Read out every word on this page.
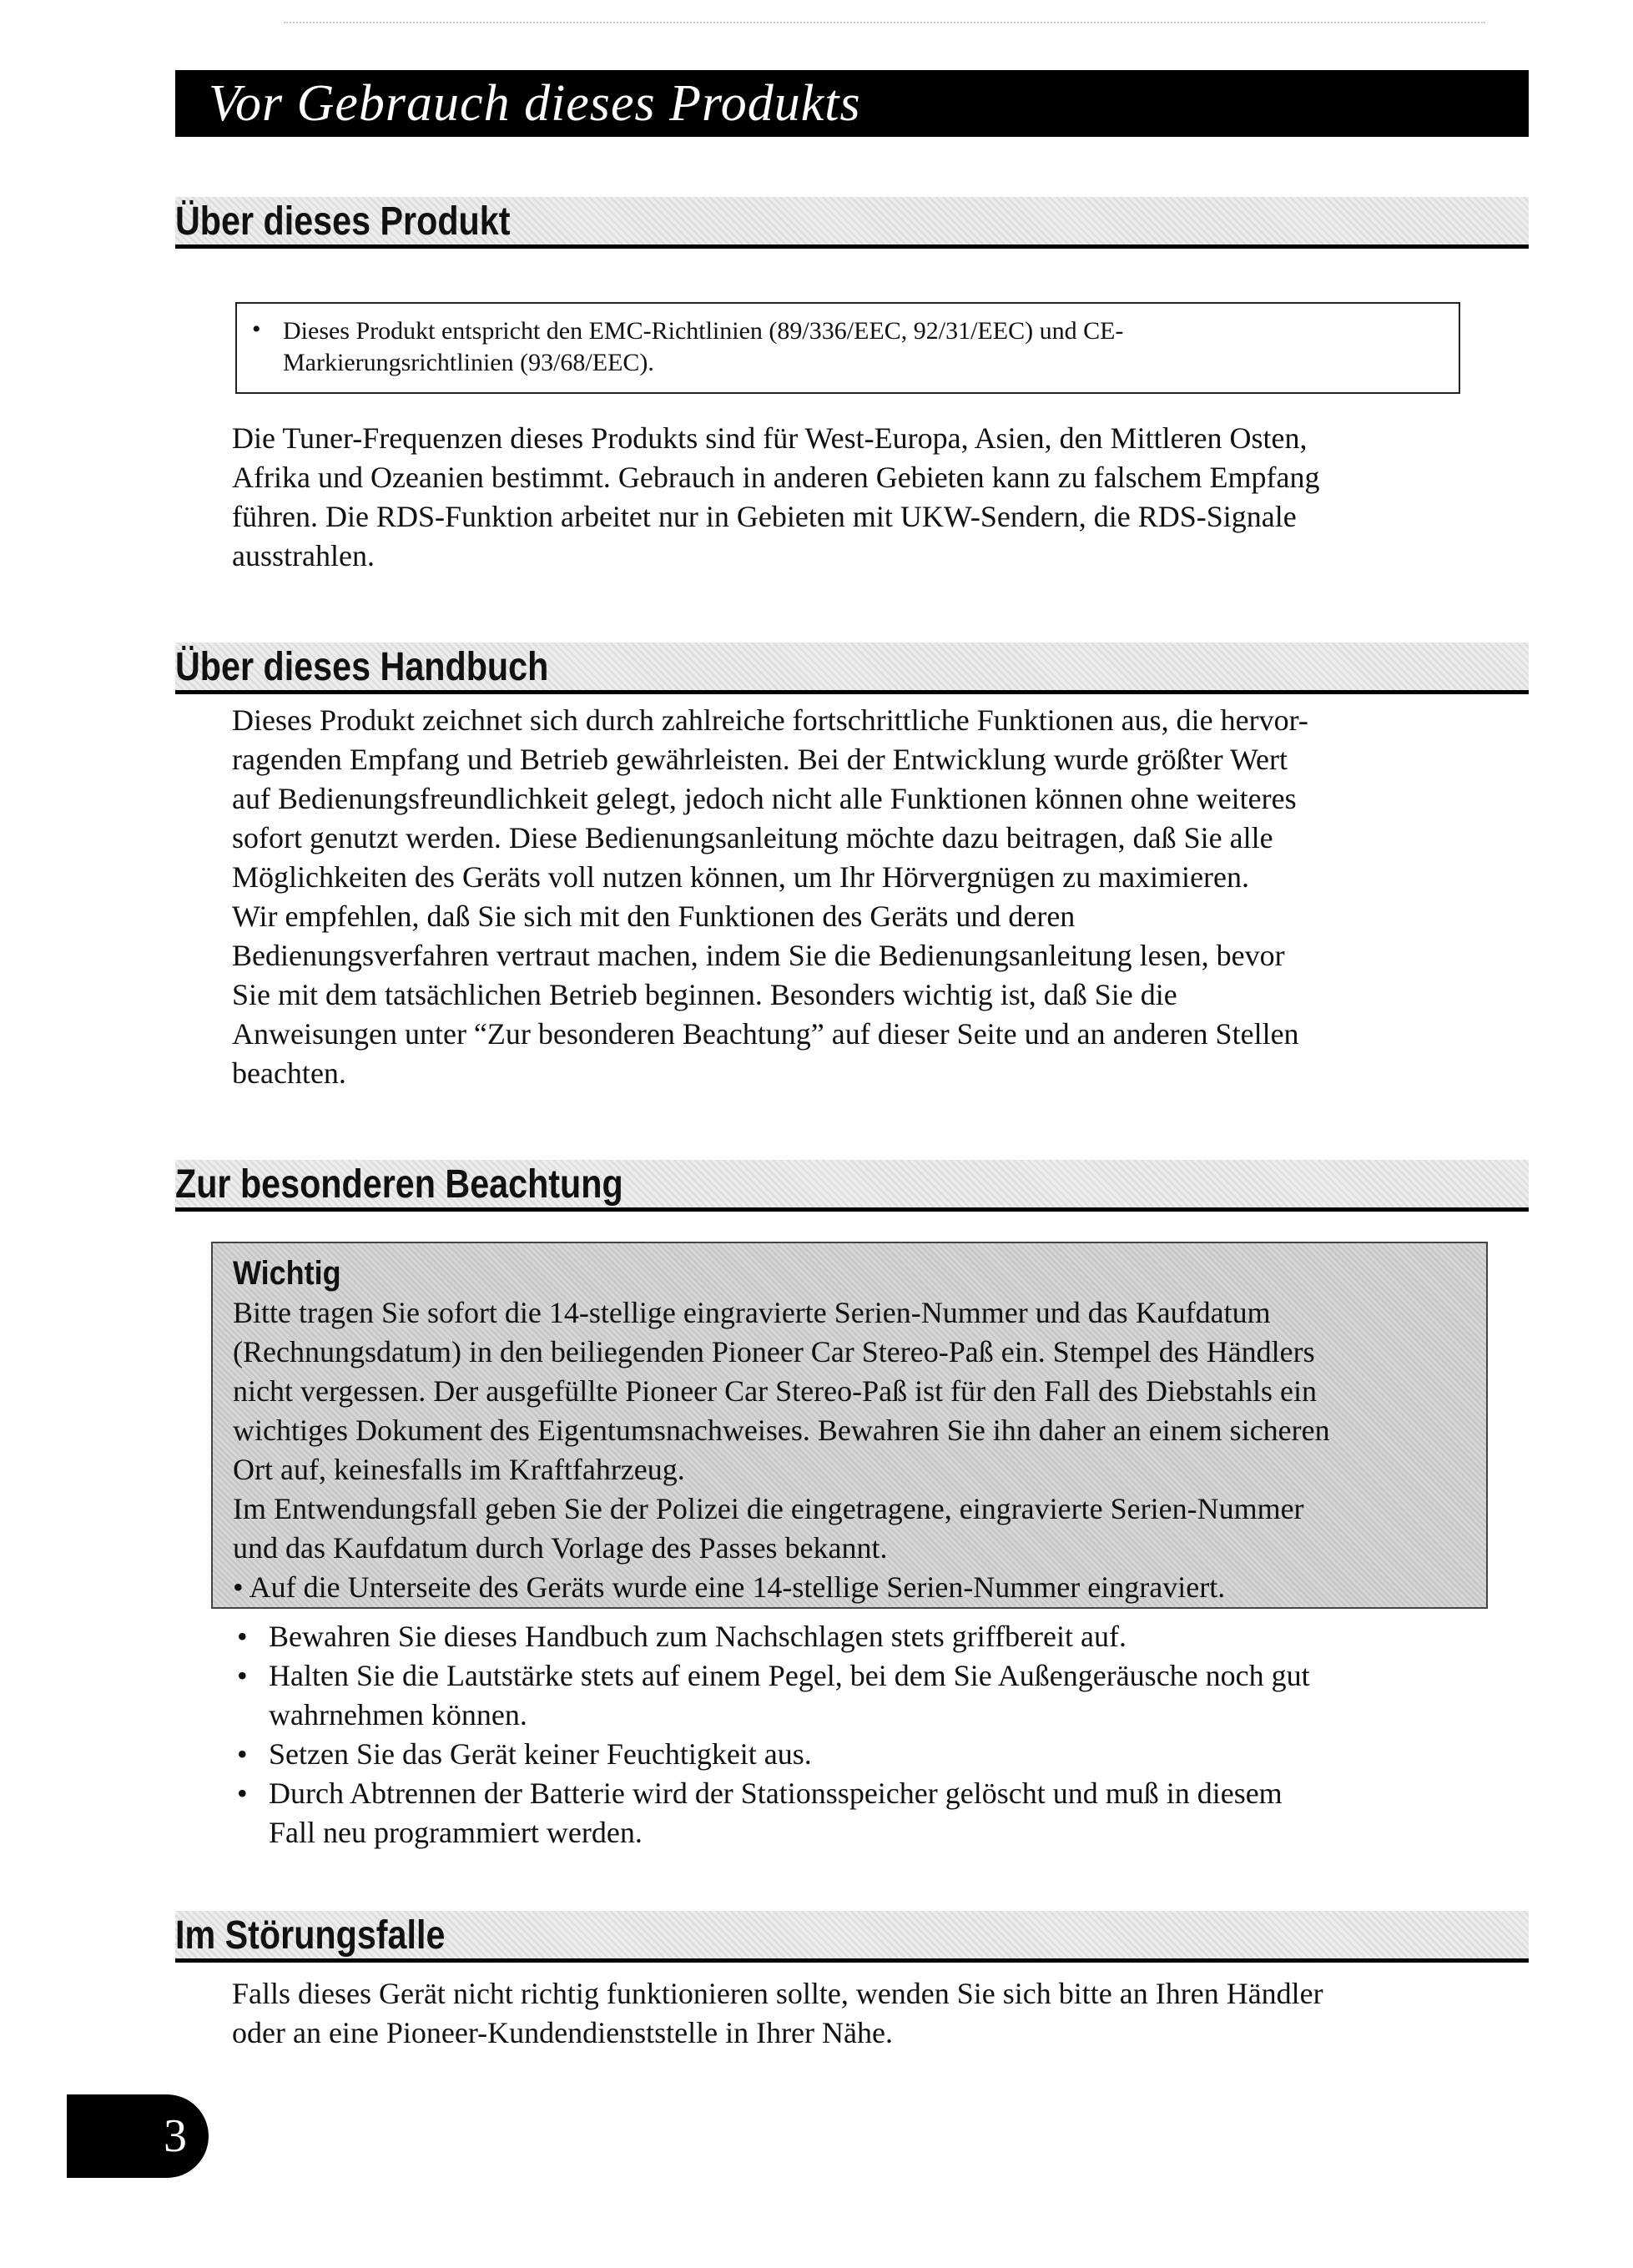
Vor Gebrauch dieses Produkts
Über dieses Produkt
• Dieses Produkt entspricht den EMC-Richtlinien (89/336/EEC, 92/31/EEC) und CE-
Markierungsrichtlinien (93/68/EEC).

Die Tuner-Frequenzen dieses Produkts sind für West-Europa, Asien, den Mittleren Osten,
Afrika und Ozeanien bestimmt. Gebrauch in anderen Gebieten kann zu falschem Empfang
führen. Die RDS-Funktion arbeitet nur in Gebieten mit UKW-Sendern, die RDS-Signale
ausstrahlen.

Über dieses Handbuch

Dieses Produkt zeichnet sich durch zahlreiche fortschrittliche Funktionen aus, die hervor-
ragenden Empfang und Betrieb gewährleisten. Bei der Entwicklung wurde größter Wert
auf Bedienungsfreundlichkeit gelegt, jedoch nicht alle Funktionen können ohne weiteres
sofort genutzt werden. Diese Bedienungsanleitung möchte dazu beitragen, daß Sie alle
Möglichkeiten des Geräts voll nutzen können, um Ihr Hörvergnügen zu maximieren.
Wir empfehlen, daß Sie sich mit den Funktionen des Geräts und deren
Bedienungsverfahren vertraut machen, indem Sie die Bedienungsanleitung lesen, bevor
Sie mit dem tatsächlichen Betrieb beginnen. Besonders wichtig ist, daß Sie die
Anweisungen unter “Zur besonderen Beachtung” auf dieser Seite und an anderen Stellen
beachten.

Zur besonderen Beachtung
Wichtig
Bitte tragen Sie sofort die 14-stellige eingravierte Serien-Nummer und das Kaufdatum
(Rechnungsdatum) in den beiliegenden Pioneer Car Stereo-Paß ein. Stempel des Händlers
nicht vergessen. Der ausgefüllte Pioneer Car Stereo-Paß ist für den Fall des Diebstahls ein
wichtiges Dokument des Eigentumsnachweises. Bewahren Sie ihn daher an einem sicheren
Ort auf, keinesfalls im Kraftfahrzeug.
Im Entwendungsfall geben Sie der Polizei die eingetragene, eingravierte Serien-Nummer
und das Kaufdatum durch Vorlage des Passes bekannt.
• Auf die Unterseite des Geräts wurde eine 14-stellige Serien-Nummer eingraviert.
• Bewahren Sie dieses Handbuch zum Nachschlagen stets griffbereit auf.
• Halten Sie die Lautstärke stets auf einem Pegel, bei dem Sie Außengeräusche noch gut
wahrnehmen können.
• Setzen Sie das Gerät keiner Feuchtigkeit aus.
• Durch Abtrennen der Batterie wird der Stationsspeicher gelöscht und muß in diesem
Fall neu programmiert werden.
Im Störungsfalle

Falls dieses Gerät nicht richtig funktionieren sollte, wenden Sie sich bitte an Ihren Händler
oder an eine Pioneer-Kundendienststelle in Ihrer Nähe.

3
